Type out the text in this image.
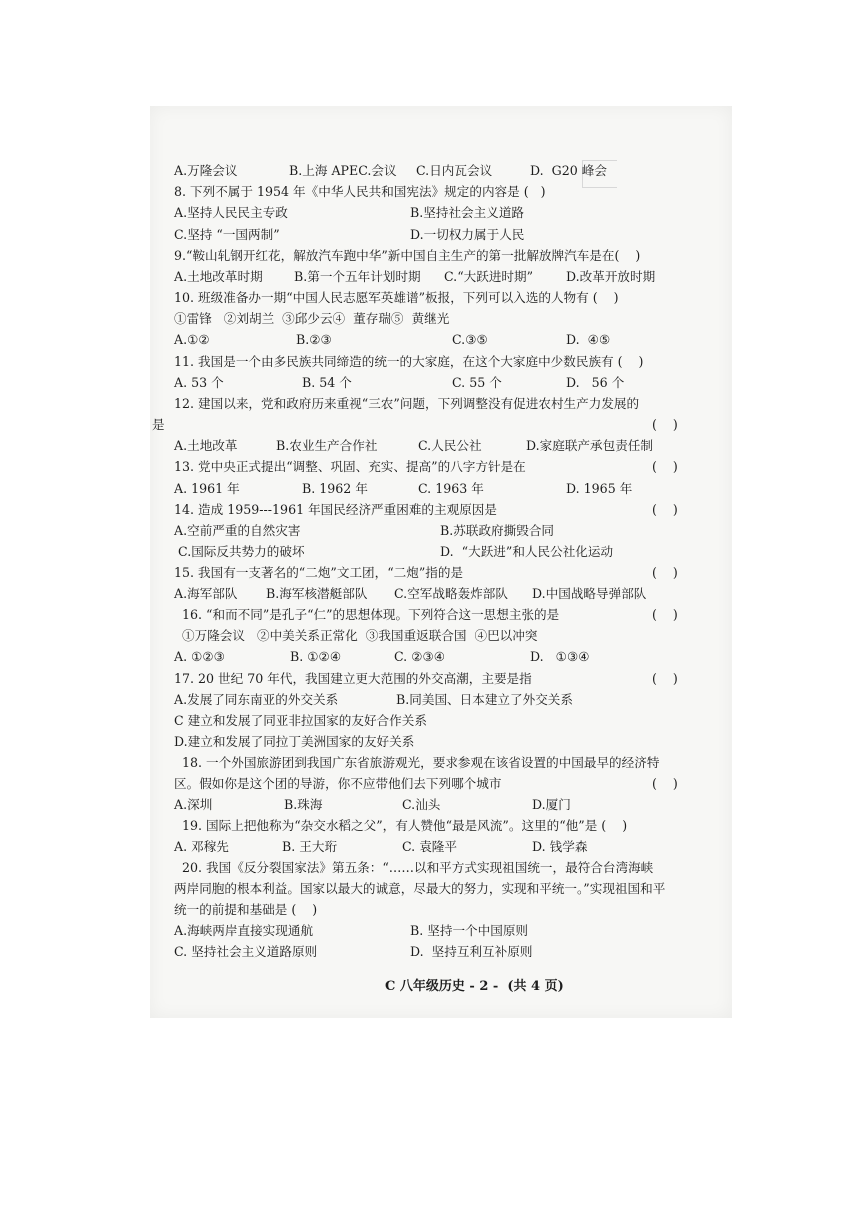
A.万隆会议	B.上海 APEC.会议 C.日内瓦会议	D.  G20 峰会
8. 下列不属于 1954 年《中华人民共和国宪法》规定的内容是 (   )
A.坚持人民民主专政	B.坚持社会主义道路
C.坚持 “一国两制”	D.一切权力属于人民
9.“鞍山轧钢开红花，解放汽车跑中华”新中国自主生产的第一批解放牌汽车是在(    )
A.土地改革时期 B.第一个五年计划时期 C.“大跃进时期”	D.改革开放时期
10. 班级准备办一期“中国人民志愿军英雄谱”板报，下列可以入选的人物有 (    )
①雷锋   ②刘胡兰  ③邱少云④  董存瑞⑤  黄继光
A.①②	B.②③	C.③⑤	D.  ④⑤
11. 我国是一个由多民族共同缔造的统一的大家庭，在这个大家庭中少数民族有 (    )
A. 53 个	B. 54 个	C. 55 个	D.   56 个
12. 建国以来，党和政府历来重视“三农”问题，下列调整没有促进农村生产力发展的
是
A.土地改革	B.农业生产合作社	C.人民公社	D.家庭联产承包责任制
13. 党中央正式提出“调整、巩固、充实、提高”的八字方针是在
A. 1961 年	B. 1962 年	C. 1963 年	D. 1965 年
14. 造成 1959---1961 年国民经济严重困难的主观原因是
A.空前严重的自然灾害	B.苏联政府撕毁合同
C.国际反共势力的破坏	D.  “大跃进”和人民公社化运动
15. 我国有一支著名的“二炮”文工团，“二炮”指的是
A.海军部队 B.海军核潜艇部队 C.空军战略轰炸部队 D.中国战略导弹部队
16. “和而不同”是孔子“仁”的思想体现。下列符合这一思想主张的是
①万隆会议   ②中美关系正常化  ③我国重返联合国  ④巴以冲突
A. ①②③	B. ①②④	C. ②③④	D.   ①③④
17. 20 世纪 70 年代，我国建立更大范围的外交高潮，主要是指
A.发展了同东南亚的外交关系	B.同美国、日本建立了外交关系
C 建立和发展了同亚非拉国家的友好合作关系
D.建立和发展了同拉丁美洲国家的友好关系
18. 一个外国旅游团到我国广东省旅游观光，要求参观在该省设置的中国最早的经济特
区。假如你是这个团的导游，你不应带他们去下列哪个城市
A.深圳	B.珠海	C.汕头	D.厦门
19. 国际上把他称为“杂交水稻之父”，有人赞他“最是风流”。这里的“他”是 (    )
A. 邓稼先	B. 王大珩	C. 袁隆平	D. 钱学森
20. 我国《反分裂国家法》第五条：“……以和平方式实现祖国统一，最符合台湾海峡
两岸同胞的根本利益。国家以最大的诚意，尽最大的努力，实现和平统一。”实现祖国和平
统一的前提和基础是 (    )
A.海峡两岸直接实现通航	B. 坚持一个中国原则
C. 坚持社会主义道路原则	D.  坚持互利互补原则
(    )
(    )
(    )
(    )
(    )
(    )
(    )
C 八年级历史 - 2 -  (共 4 页)
